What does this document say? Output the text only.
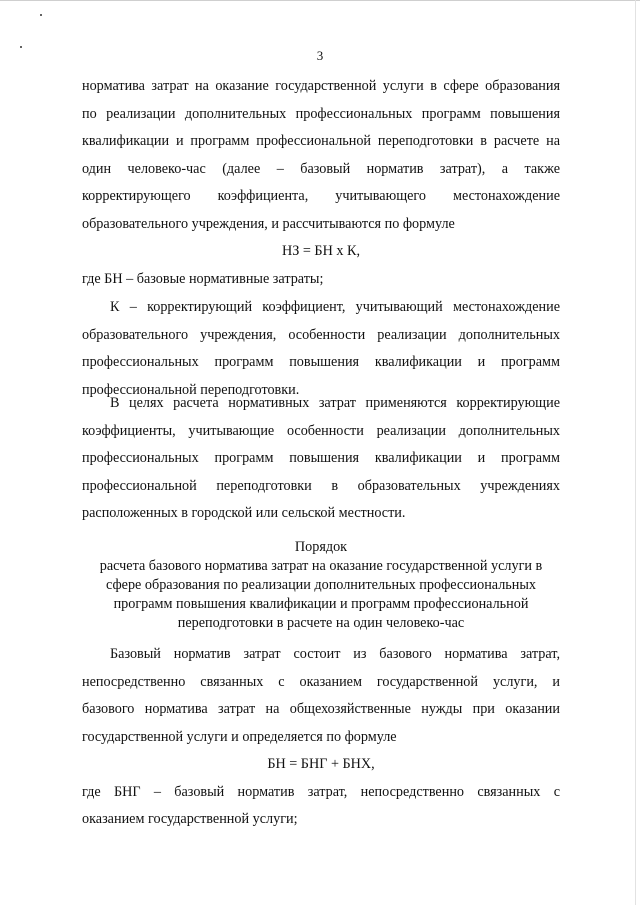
3
норматива затрат на оказание государственной услуги в сфере образования
по реализации дополнительных профессиональных программ повышения
квалификации и программ профессиональной переподготовки в расчете на
один человеко-час (далее – базовый норматив затрат), а также
корректирующего коэффициента, учитывающего местонахождение
образовательного учреждения, и рассчитываются по формуле
НЗ = БН х К,
где БН – базовые нормативные затраты;
К – корректирующий коэффициент, учитывающий местонахождение
образовательного учреждения, особенности реализации дополнительных
профессиональных программ повышения квалификации и программ
профессиональной переподготовки.
В целях расчета нормативных затрат применяются корректирующие
коэффициенты, учитывающие особенности реализации дополнительных
профессиональных программ повышения квалификации и программ
профессиональной переподготовки в образовательных учреждениях
расположенных в городской или сельской местности.
Порядок
расчета базового норматива затрат на оказание государственной услуги в
сфере образования по реализации дополнительных профессиональных
программ повышения квалификации и программ профессиональной
переподготовки в расчете на один человеко-час
Базовый норматив затрат состоит из базового норматива затрат,
непосредственно связанных с оказанием государственной услуги, и
базового норматива затрат на общехозяйственные нужды при оказании
государственной услуги и определяется по формуле
БН = БНГ + БНХ,
где БНГ – базовый норматив затрат, непосредственно связанных с
оказанием государственной услуги;
